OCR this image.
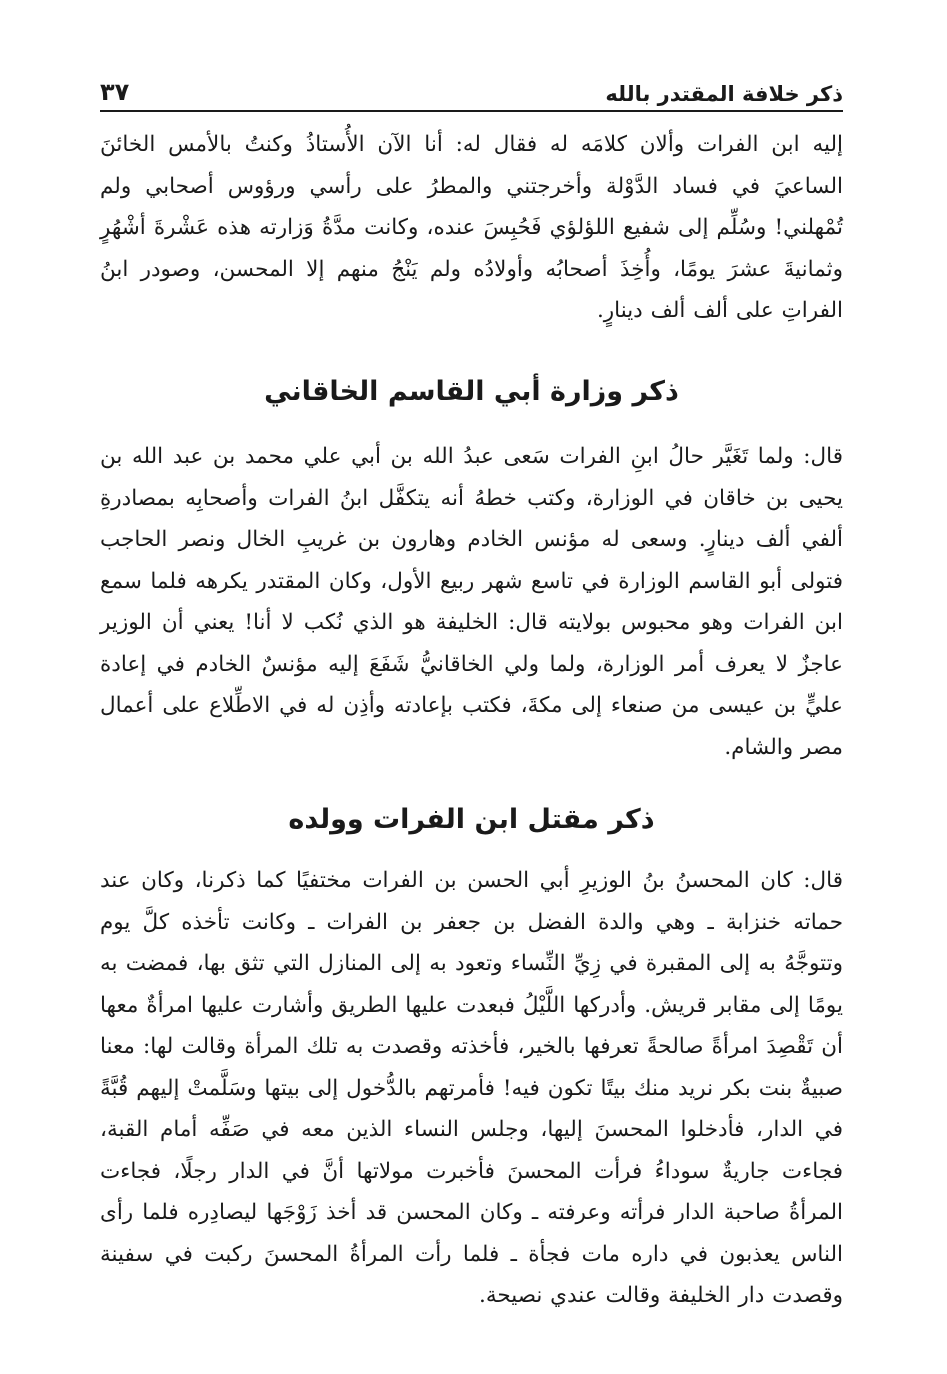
ذكر خلافة المقتدر بالله
٣٧

إليه ابن الفرات وألان كلامَه له فقال له: أنا الآن الأُستاذُ وكنتُ بالأمس الخائنَ الساعيَ في فساد الدَّوْلة وأخرجتني والمطرُ على رأسي ورؤوس أصحابي ولم تُمْهلني! وسُلِّم إلى شفيع اللؤلؤي فَحُبِسَ عنده، وكانت مدَّةُ وَزارته هذه عَشْرةَ أشْهُرٍ وثمانيةَ عشرَ يومًا، وأُخِذَ أصحابُه وأولادُه ولم يَنْجُ منهم إلا المحسن، وصودر ابنُ الفراتِ على ألف ألف دينارٍ.

ذكر وزارة أبي القاسم الخاقاني

قال: ولما تَغَيَّر حالُ ابنِ الفرات سَعى عبدُ الله بن أبي علي محمد بن عبد الله بن يحيى بن خاقان في الوزارة، وكتب خطهُ أنه يتكفَّل ابنُ الفرات وأصحابِه بمصادرةِ ألفي ألف دينارٍ. وسعى له مؤنس الخادم وهارون بن غريبِ الخال ونصر الحاجب فتولى أبو القاسم الوزارة في تاسع شهر ربيع الأول، وكان المقتدر يكرهه فلما سمع ابن الفرات وهو محبوس بولايته قال: الخليفة هو الذي نُكب لا أنا! يعني أن الوزير عاجزٌ لا يعرف أمر الوزارة، ولما ولي الخاقانيُّ شَفَعَ إليه مؤنسٌ الخادم في إعادة عليٍّ بن عيسى من صنعاء إلى مكةَ، فكتب بإعادته وأذِن له في الاطِّلاع على أعمال مصر والشام.

ذكر مقتل ابن الفرات وولده

قال: كان المحسنُ بنُ الوزيرِ أبي الحسن بن الفرات مختفيًا كما ذكرنا، وكان عند حماته خنزابة ـ وهي والدة الفضل بن جعفر بن الفرات ـ وكانت تأخذه كلَّ يوم وتتوجَّهُ به إلى المقبرة في زِيِّ النِّساء وتعود به إلى المنازل التي تثق بها، فمضت به يومًا إلى مقابر قريش. وأدركها اللَّيْلُ فبعدت عليها الطريق وأشارت عليها امرأةٌ معها أن تَقْصِدَ امرأةً صالحةً تعرفها بالخير، فأخذته وقصدت به تلك المرأة وقالت لها: معنا صبيةٌ بنت بكر نريد منك بيتًا تكون فيه! فأمرتهم بالدُّخول إلى بيتها وسَلَّمتْ إليهم قُبَّةً في الدار، فأدخلوا المحسنَ إليها، وجلس النساء الذين معه في صَفِّه أمام القبة، فجاءت جاريةٌ سوداءُ فرأت المحسنَ فأخبرت مولاتها أنَّ في الدار رجلًا، فجاءت المرأةُ صاحبة الدار فرأته وعرفته ـ وكان المحسن قد أخذ زَوْجَها ليصادِره فلما رأى الناس يعذبون في داره مات فجأة ـ فلما رأت المرأةُ المحسنَ ركبت في سفينة وقصدت دار الخليفة وقالت عندي نصيحة.
